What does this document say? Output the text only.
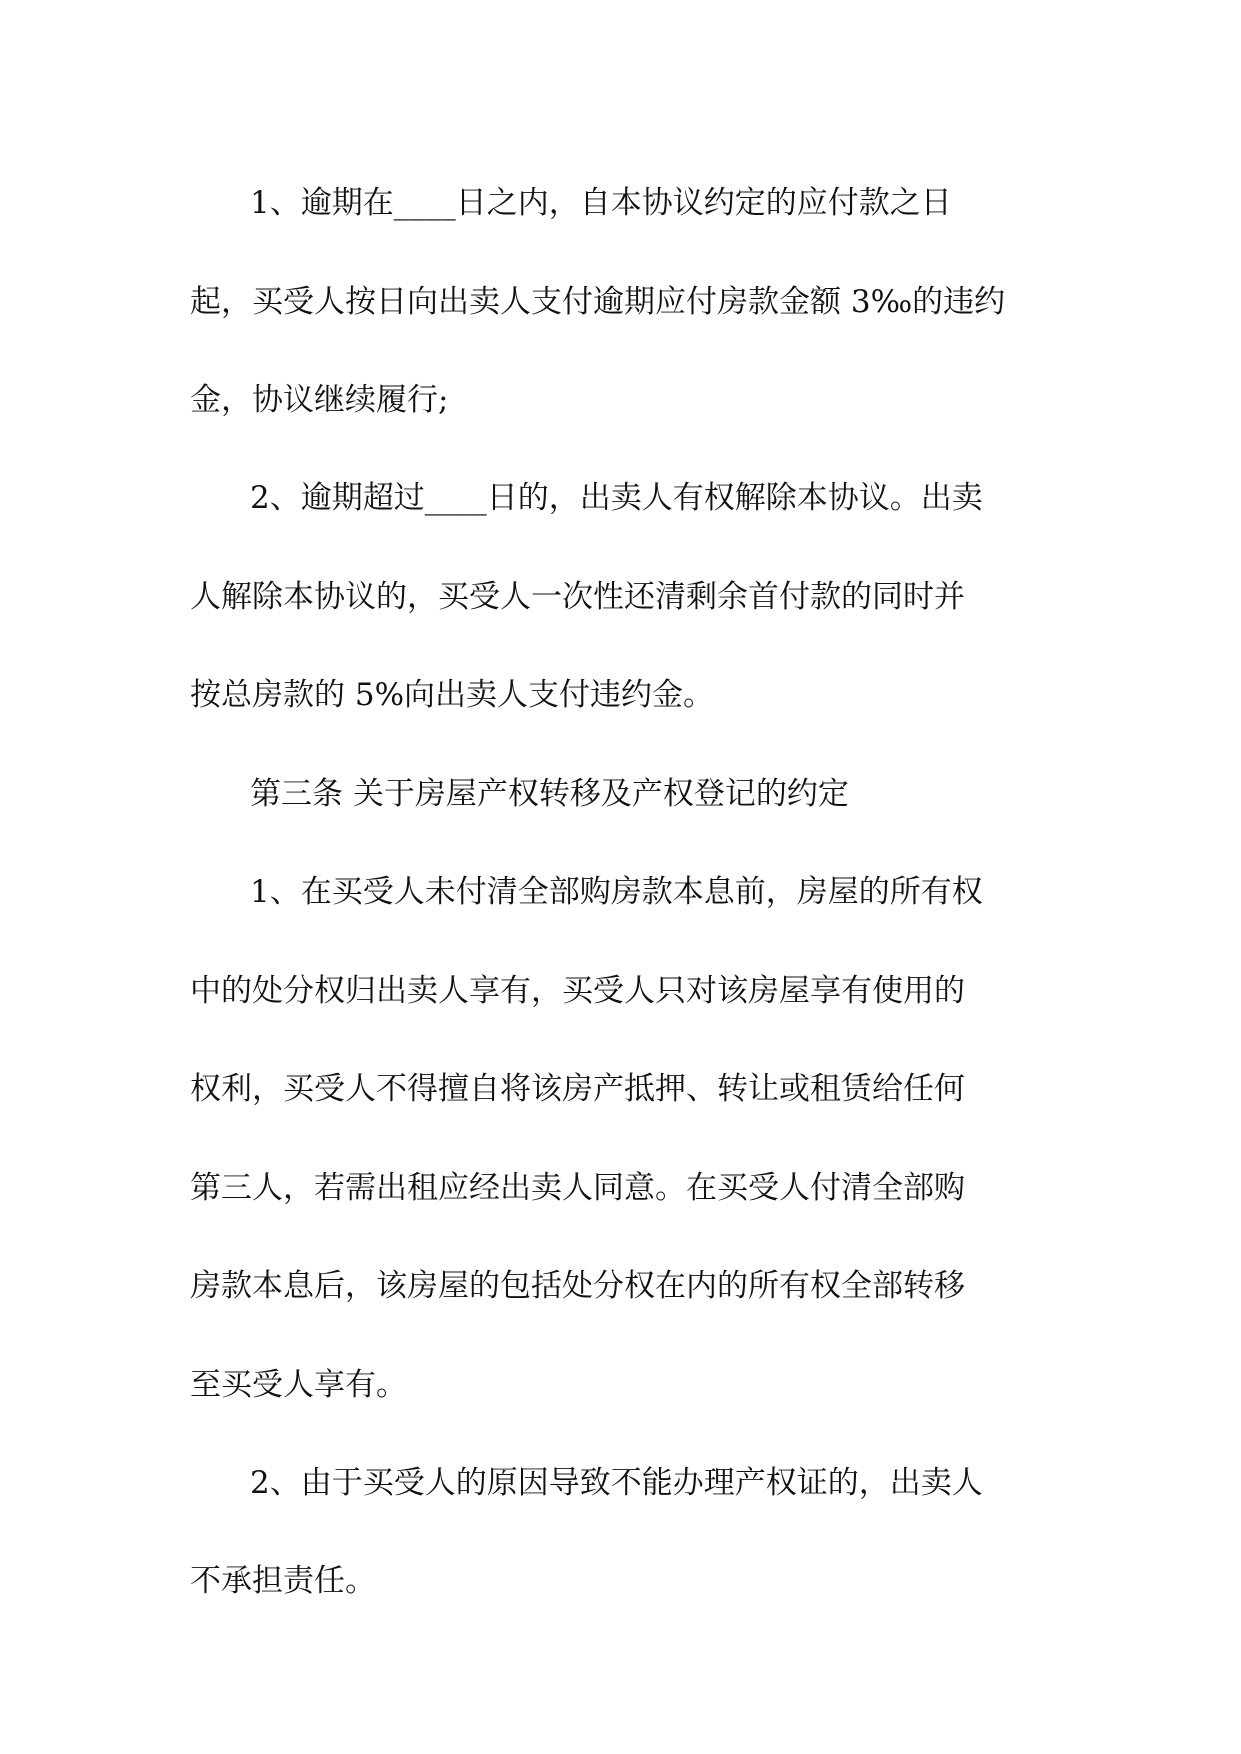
1、逾期在____日之内，自本协议约定的应付款之日

起，买受人按日向出卖人支付逾期应付房款金额 3‰的违约

金，协议继续履行;

2、逾期超过____日的，出卖人有权解除本协议。出卖

人解除本协议的，买受人一次性还清剩余首付款的同时并

按总房款的 5%向出卖人支付违约金。

第三条 关于房屋产权转移及产权登记的约定

1、在买受人未付清全部购房款本息前，房屋的所有权

中的处分权归出卖人享有，买受人只对该房屋享有使用的

权利，买受人不得擅自将该房产抵押、转让或租赁给任何

第三人，若需出租应经出卖人同意。在买受人付清全部购

房款本息后，该房屋的包括处分权在内的所有权全部转移

至买受人享有。

2、由于买受人的原因导致不能办理产权证的，出卖人

不承担责任。
